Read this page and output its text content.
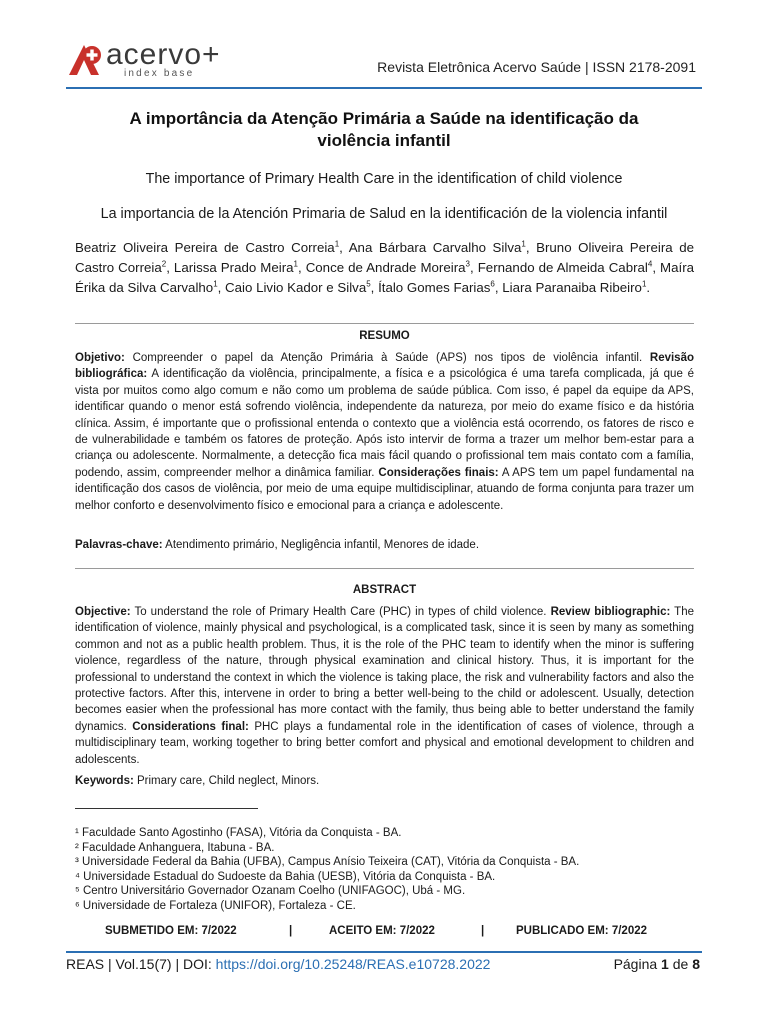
acervo+
index base	Revista Eletrônica Acervo Saúde | ISSN 2178-2091
A importância da Atenção Primária a Saúde na identificação da
violência infantil
The importance of Primary Health Care in the identification of child violence
La importancia de la Atención Primaria de Salud en la identificación de la violencia infantil
Beatriz Oliveira Pereira de Castro Correia$^1$, Ana Bárbara Carvalho Silva$^1$, Bruno Oliveira Pereira de Castro Correia$^2$, Larissa Prado Meira$^1$, Conce de Andrade Moreira$^3$, Fernando de Almeida Cabral$^4$, Maíra Érika da Silva Carvalho$^1$, Caio Livio Kador e Silva$^5$, Ítalo Gomes Farias$^6$, Liara Paranaiba Ribeiro$^1$.
RESUMO
Objetivo: Compreender o papel da Atenção Primária à Saúde (APS) nos tipos de violência infantil. Revisão bibliográfica: A identificação da violência, principalmente, a física e a psicológica é uma tarefa complicada, já que é vista por muitos como algo comum e não como um problema de saúde pública. Com isso, é papel da equipe da APS, identificar quando o menor está sofrendo violência, independente da natureza, por meio do exame físico e da história clínica. Assim, é importante que o profissional entenda o contexto que a violência está ocorrendo, os fatores de risco e de vulnerabilidade e também os fatores de proteção. Após isto intervir de forma a trazer um melhor bem-estar para a criança ou adolescente. Normalmente, a detecção fica mais fácil quando o profissional tem mais contato com a família, podendo, assim, compreender melhor a dinâmica familiar. Considerações finais: A APS tem um papel fundamental na identificação dos casos de violência, por meio de uma equipe multidisciplinar, atuando de forma conjunta para trazer um melhor conforto e desenvolvimento físico e emocional para a criança e adolescente.
Palavras-chave: Atendimento primário, Negligência infantil, Menores de idade.
ABSTRACT
Objective: To understand the role of Primary Health Care (PHC) in types of child violence. Review bibliographic: The identification of violence, mainly physical and psychological, is a complicated task, since it is seen by many as something common and not as a public health problem. Thus, it is the role of the PHC team to identify when the minor is suffering violence, regardless of the nature, through physical examination and clinical history. Thus, it is important for the professional to understand the context in which the violence is taking place, the risk and vulnerability factors and also the protective factors. After this, intervene in order to bring a better well-being to the child or adolescent. Usually, detection becomes easier when the professional has more contact with the family, thus being able to better understand the family dynamics. Considerations final: PHC plays a fundamental role in the identification of cases of violence, through a multidisciplinary team, working together to bring better comfort and physical and emotional development to children and adolescents.
Keywords: Primary care, Child neglect, Minors.
¹ Faculdade Santo Agostinho (FASA), Vitória da Conquista - BA.
² Faculdade Anhanguera, Itabuna - BA.
³ Universidade Federal da Bahia (UFBA), Campus Anísio Teixeira (CAT), Vitória da Conquista - BA.
⁴ Universidade Estadual do Sudoeste da Bahia (UESB), Vitória da Conquista - BA.
⁵ Centro Universitário Governador Ozanam Coelho (UNIFAGOC), Ubá - MG.
⁶ Universidade de Fortaleza (UNIFOR), Fortaleza - CE.
SUBMETIDO EM: 7/2022	|	ACEITO EM: 7/2022	|	PUBLICADO EM: 7/2022
REAS | Vol.15(7) | DOI: https://doi.org/10.25248/REAS.e10728.2022	Página 1 de 8
